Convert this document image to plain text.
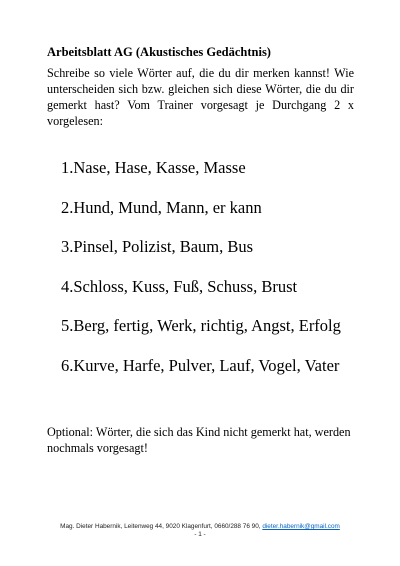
Arbeitsblatt AG (Akustisches Gedächtnis)
Schreibe so viele Wörter auf, die du dir merken kannst! Wie unterscheiden sich bzw. gleichen sich diese Wörter, die du dir gemerkt hast? Vom Trainer vorgesagt je Durchgang 2 x vorgelesen:
1.Nase, Hase, Kasse, Masse
2.Hund, Mund, Mann, er kann
3.Pinsel, Polizist, Baum, Bus
4.Schloss, Kuss, Fuß, Schuss, Brust
5.Berg, fertig, Werk, richtig, Angst, Erfolg
6.Kurve, Harfe, Pulver, Lauf, Vogel, Vater
Optional: Wörter, die sich das Kind nicht gemerkt hat, werden nochmals vorgesagt!
Mag. Dieter Habernik, Leitenweg 44, 9020 Klagenfurt, 0660/288 76 90, dieter.habernik@gmail.com
- 1 -
